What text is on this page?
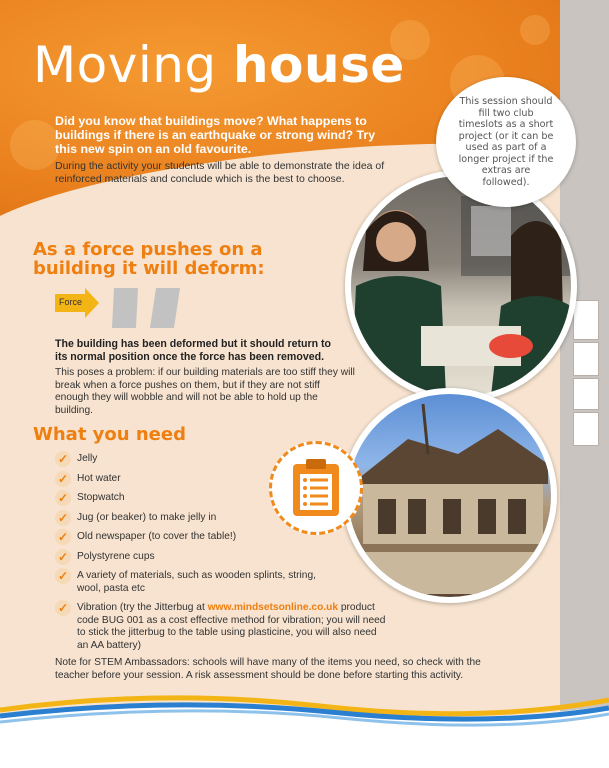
Moving house
Did you know that buildings move? What happens to buildings if there is an earthquake or strong wind? Try this new spin on an old favourite.
During the activity your students will be able to demonstrate the idea of reinforced materials and conclude which is the best to choose.
This session should fill two club timeslots as a short project (or it can be used as part of a longer project if the extras are followed).
As a force pushes on a building it will deform:
Force
The building has been deformed but it should return to its normal position once the force has been removed.
This poses a problem: if our building materials are too stiff they will break when a force pushes on them, but if they are not stiff enough they will wobble and will not be able to hold up the building.
What you need
✓ Jelly
✓ Hot water
✓ Stopwatch
✓ Jug (or beaker) to make jelly in
✓ Old newspaper (to cover the table!)
✓ Polystyrene cups
✓ A variety of materials, such as wooden splints, string, wool, pasta etc
✓ Vibration (try the Jitterbug at www.mindsetsonline.co.uk product code BUG 001 as a cost effective method for vibration; you will need to stick the jitterbug to the table using plasticine, you will also need an AA battery)
Note for STEM Ambassadors: schools will have many of the items you need, so check with the teacher before your session. A risk assessment should be done before starting this activity.
